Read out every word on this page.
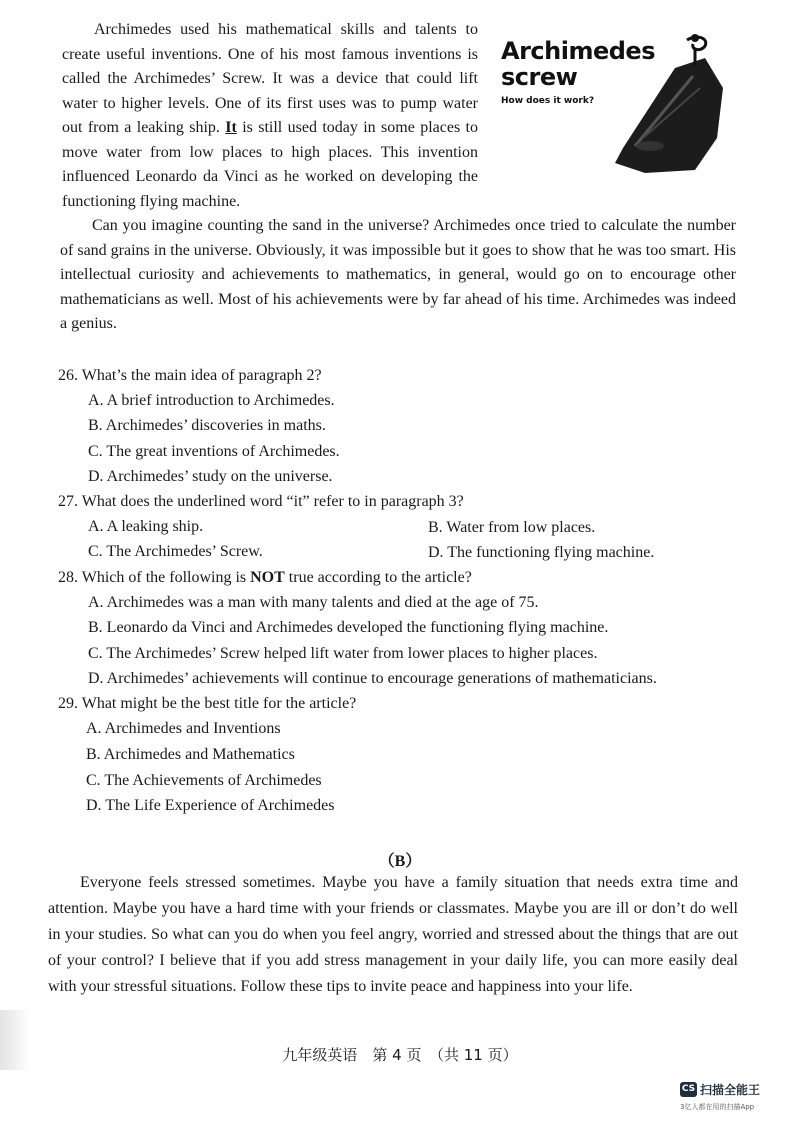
Archimedes used his mathematical skills and talents to create useful inventions. One of his most famous inventions is called the Archimedes’ Screw. It was a device that could lift water to higher levels. One of its first uses was to pump water out from a leaking ship. It is still used today in some places to move water from low places to high places. This invention influenced Leonardo da Vinci as he worked on developing the functioning flying machine.

Archimedes
screw
How does it work?

Can you imagine counting the sand in the universe? Archimedes once tried to calculate the number of sand grains in the universe. Obviously, it was impossible but it goes to show that he was too smart. His intellectual curiosity and achievements to mathematics, in general, would go on to encourage other mathematicians as well. Most of his achievements were by far ahead of his time. Archimedes was indeed a genius.

26. What’s the main idea of paragraph 2?
A. A brief introduction to Archimedes.
B. Archimedes’ discoveries in maths.
C. The great inventions of Archimedes.
D. Archimedes’ study on the universe.
27. What does the underlined word “it” refer to in paragraph 3?
A. A leaking ship.	B. Water from low places.
C. The Archimedes’ Screw.	D. The functioning flying machine.
28. Which of the following is NOT true according to the article?
A. Archimedes was a man with many talents and died at the age of 75.
B. Leonardo da Vinci and Archimedes developed the functioning flying machine.
C. The Archimedes’ Screw helped lift water from lower places to higher places.
D. Archimedes’ achievements will continue to encourage generations of mathematicians.
29. What might be the best title for the article?
A. Archimedes and Inventions
B. Archimedes and Mathematics
C. The Achievements of Archimedes
D. The Life Experience of Archimedes
（B）

Everyone feels stressed sometimes. Maybe you have a family situation that needs extra time and attention. Maybe you have a hard time with your friends or classmates. Maybe you are ill or don’t do well in your studies. So what can you do when you feel angry, worried and stressed about the things that are out of your control? I believe that if you add stress management in your daily life, you can more easily deal with your stressful situations. Follow these tips to invite peace and happiness into your life.

九年级英语　第 4 页　（共 11 页）
CS 扫描全能王
3亿人都在用的扫描App
